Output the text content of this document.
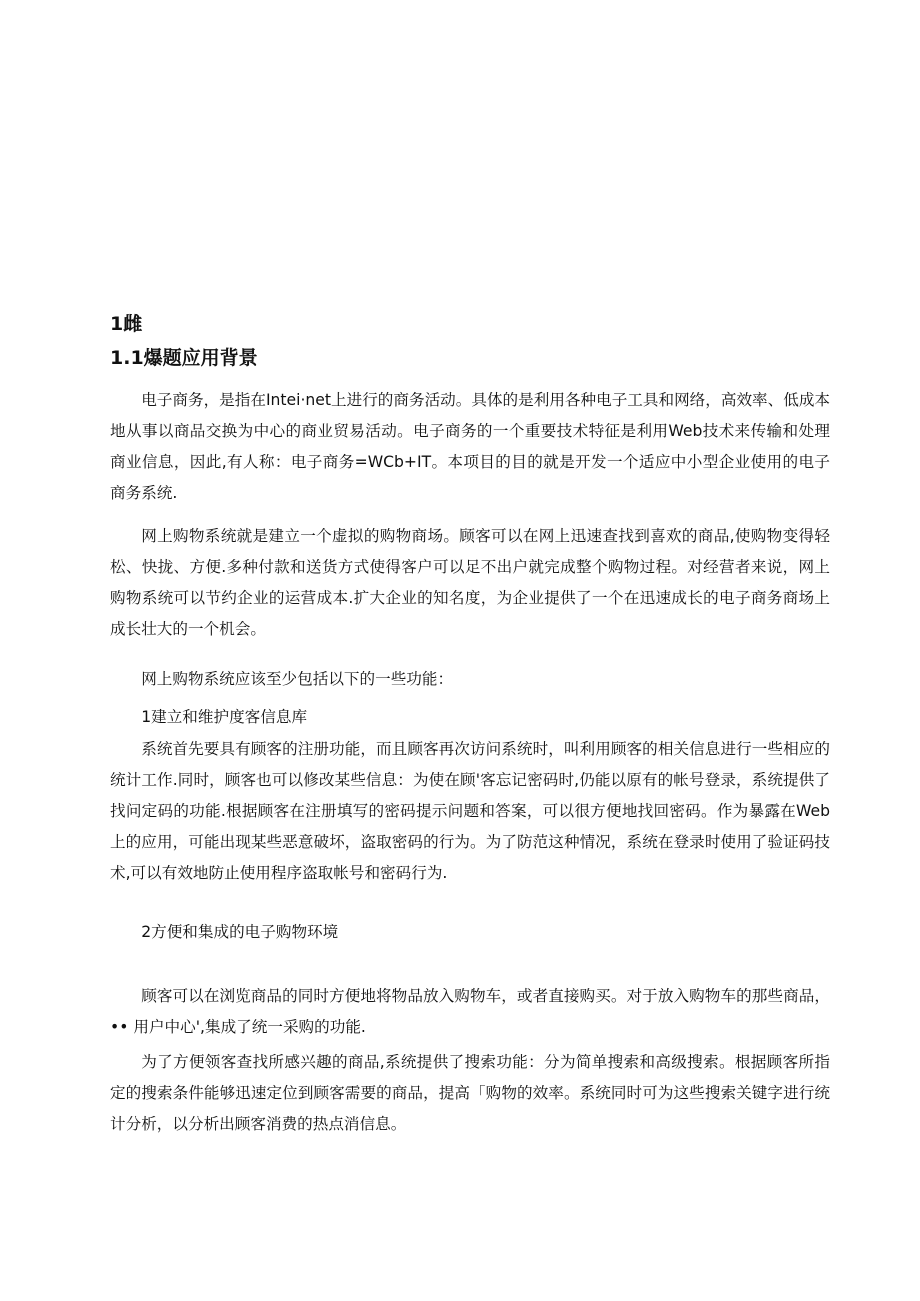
1雌
1.1爆题应用背景
电子商务，是指在Intei·net上进行的商务活动。具体的是利用各种电子工具和网络，高效率、低成本地从事以商品交换为中心的商业贸易活动。电子商务的一个重要技术特征是利用Web技术来传输和处理商业信息，因此,有人称：电子商务=WCb+IT。本项目的目的就是开发一个适应中小型企业使用的电子商务系统.
网上购物系统就是建立一个虚拟的购物商场。顾客可以在网上迅速查找到喜欢的商品,使购物变得轻松、快拢、方便.多种付款和送货方式使得客户可以足不出户就完成整个购物过程。对经营者来说，网上购物系统可以节约企业的运营成本.扩大企业的知名度，为企业提供了一个在迅速成长的电子商务商场上成长壮大的一个机会。
网上购物系统应该至少包括以下的一些功能：
1建立和维护度客信息库
系统首先要具有顾客的注册功能，而且顾客再次访问系统时，叫利用顾客的相关信息进行一些相应的统计工作.同时，顾客也可以修改某些信息：为使在顾'客忘记密码时,仍能以原有的帐号登录，系统提供了找问定码的功能.根据顾客在注册填写的密码提示问题和答案，可以很方便地找回密码。作为暴露在Web上的应用，可能出现某些恶意破坏，盗取密码的行为。为了防范这种情况，系统在登录时使用了验证码技术,可以有效地防止使用程序盗取帐号和密码行为.
2方便和集成的电子购物环境
顾客可以在浏览商品的同时方便地将物品放入购物车，或者直接购买。对于放入购物车的那些商品，•• 用户中心',集成了统一采购的功能.
为了方便领客查找所感兴趣的商品,系统提供了搜索功能：分为简单搜索和高级搜索。根据顾客所指定的搜索条件能够迅速定位到顾客需要的商品，提高「购物的效率。系统同时可为这些搜索关键字进行统计分析，以分析出顾客消费的热点消信息。
